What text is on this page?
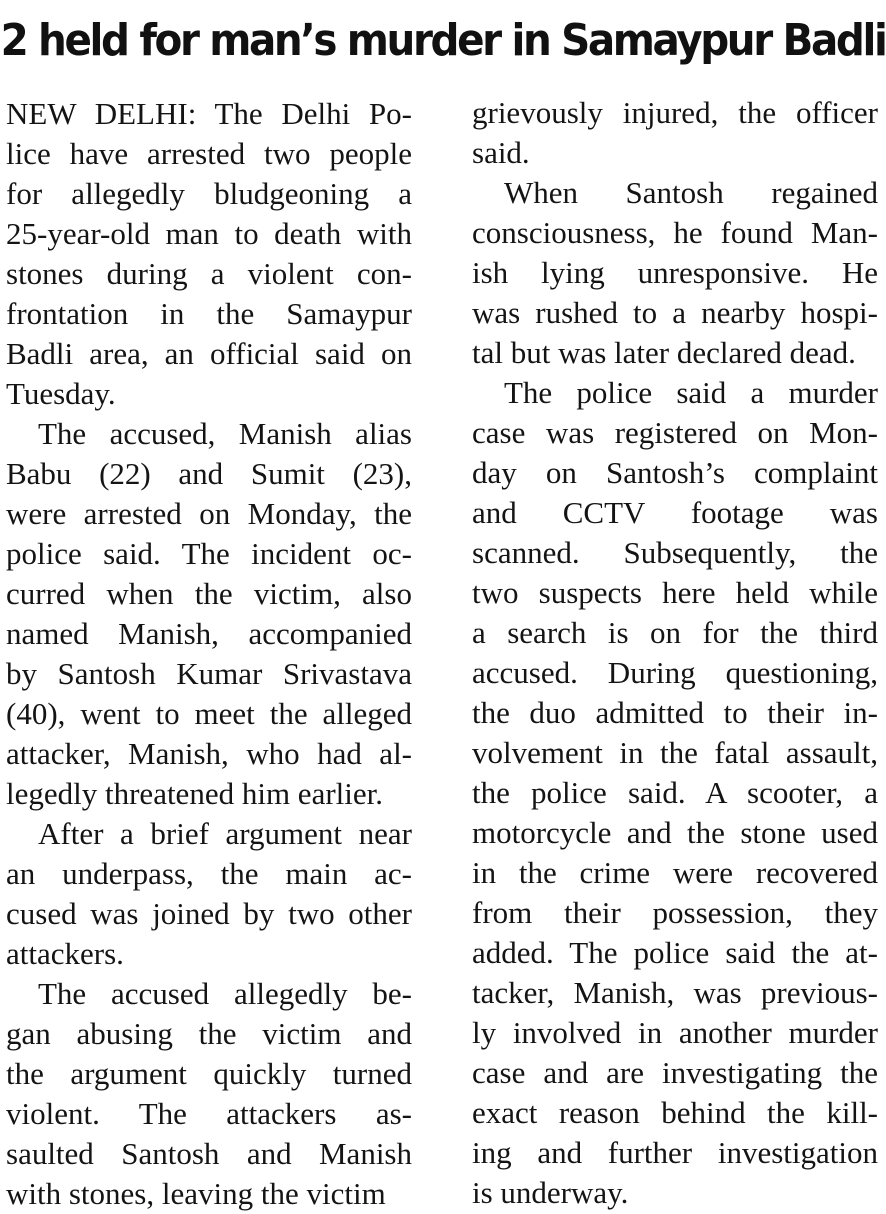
2 held for man’s murder in Samaypur Badli
NEW DELHI: The Delhi Po-
lice have arrested two people
for allegedly bludgeoning a
25-year-old man to death with
stones during a violent con-
frontation in the Samaypur
Badli area, an official said on
Tuesday.
The accused, Manish alias
Babu (22) and Sumit (23),
were arrested on Monday, the
police said. The incident oc-
curred when the victim, also
named Manish, accompanied
by Santosh Kumar Srivastava
(40), went to meet the alleged
attacker, Manish, who had al-
legedly threatened him earlier.
After a brief argument near
an underpass, the main ac-
cused was joined by two other
attackers.
The accused allegedly be-
gan abusing the victim and
the argument quickly turned
violent. The attackers as-
saulted Santosh and Manish
with stones, leaving the victim
grievously injured, the officer
said.
When Santosh regained
consciousness, he found Man-
ish lying unresponsive. He
was rushed to a nearby hospi-
tal but was later declared dead.
The police said a murder
case was registered on Mon-
day on Santosh’s complaint
and CCTV footage was
scanned. Subsequently, the
two suspects here held while
a search is on for the third
accused. During questioning,
the duo admitted to their in-
volvement in the fatal assault,
the police said. A scooter, a
motorcycle and the stone used
in the crime were recovered
from their possession, they
added. The police said the at-
tacker, Manish, was previous-
ly involved in another murder
case and are investigating the
exact reason behind the kill-
ing and further investigation
is underway.
